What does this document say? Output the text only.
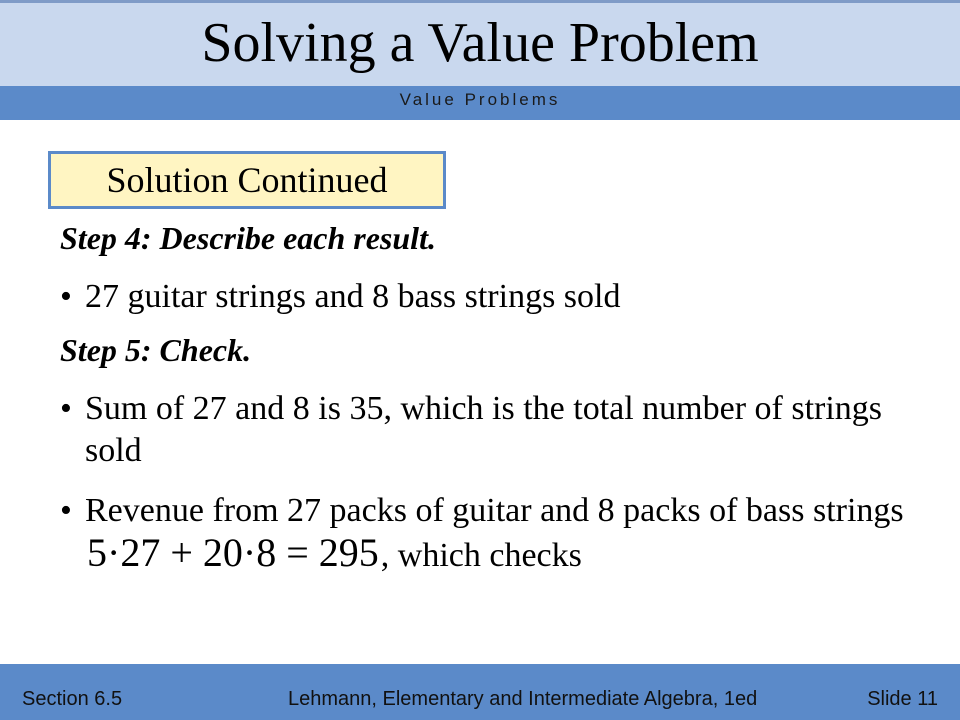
Solving a Value Problem
Value Problems
Solution Continued
Step 4: Describe each result.
• 27 guitar strings and 8 bass strings sold
Step 5: Check.
• Sum of 27 and 8 is 35, which is the total number of strings sold
• Revenue from 27 packs of guitar and 8 packs of bass strings 5·27 + 20·8 = 295, which checks
Section 6.5	Lehmann, Elementary and Intermediate Algebra, 1ed	Slide 11
